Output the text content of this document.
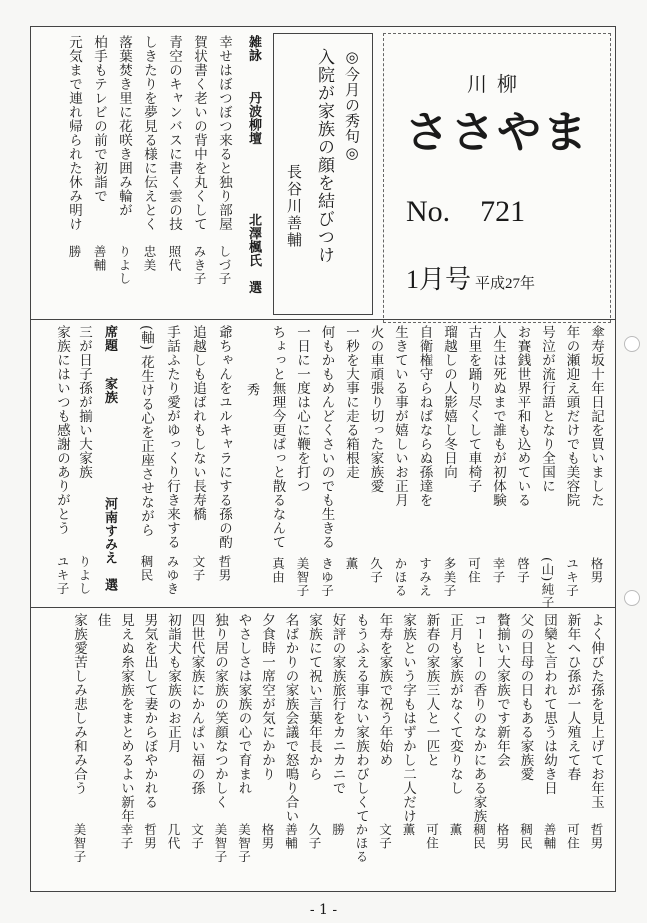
川柳
ささやま
No.　721
1月号 平成27年
◎今月の秀句◎
入院が家族の顔を結びつけ
長谷川善輔
雑詠
丹波柳壇
北澤楓氏　選
幸せはぼつぼつ来ると独り部屋
しづ子
賀状書く老いの背中を丸くして
みき子
青空のキャンバスに書く雲の技
照代
しきたりを夢見る様に伝えとく
忠美
落葉焚き里に花咲き囲み輪が
りよし
柏手もテレビの前で初詣で
善輔
元気まで連れ帰られた休み明け
勝
席題
家族
河南すみえ　選
秀
三が日子孫が揃い大家族
りよし
家族にはいつも感謝のありがとう
ユキ子
爺ちゃんをユルキャラにする孫の酌
哲男
追越しも追ばれもしない長寿橋
文子
手話ふたり愛がゆっくり行き来する
みゆき
(軸) 花生ける心を正座させながら
稠民
傘寿坂十年日記を買いました
格男
年の瀬迎え頭だけでも美容院
ユキ子
号泣が流行語となり全国に
(山)純子
お賽銭世界平和も込めている
啓子
人生は死ぬまで誰もが初体験
幸子
古里を踊り尽くして車椅子
可住
瑠越しの人影嬉し冬日向
多美子
自衛権守らねばならぬ孫達を
すみえ
生きている事が嬉しいお正月
かほる
火の車頑張り切った家族愛
久子
一秒を大事に走る箱根走
薫
何もかもめんどくさいのでも生きる
きゆ子
一日に一度は心に鞭を打つ
美智子
ちょっと無理今更ぱっと散るなんて
真由
よく伸びた孫を見上げてお年玉
哲男
新年へひ孫が一人殖えて春
可住
団欒と言われて思うは幼き日
善輔
父の日母の日もある家族愛
稠民
贅揃い大家族です新年会
格男
コーヒーの香りのなかにある家族
稠民
正月も家族がなくて変りなし
薫
新春の家族三人と一匹と
可住
家族という字もはずかし二人だけ
薫
年寿を家族で祝う年始め
文子
もうふえる事ない家族わびしくて
かほる
好評の家族旅行をカニカニで
勝
家族にて祝い言葉年長から
久子
名ばかりの家族会議で怒鳴り合い
善輔
夕食時一席空が気にかかり
格男
やさしさは家族の心で育まれ
美智子
独り居の家族の笑顔なつかしく
美智子
四世代家族にかんぱい福の孫
文子
初詣犬も家族のお正月
几代
男気を出して妻からぼやかれる
哲男
見えぬ糸家族をまとめるよい新年
幸子
佳
家族愛苦しみ悲しみ和み合う
美智子
- 1 -
